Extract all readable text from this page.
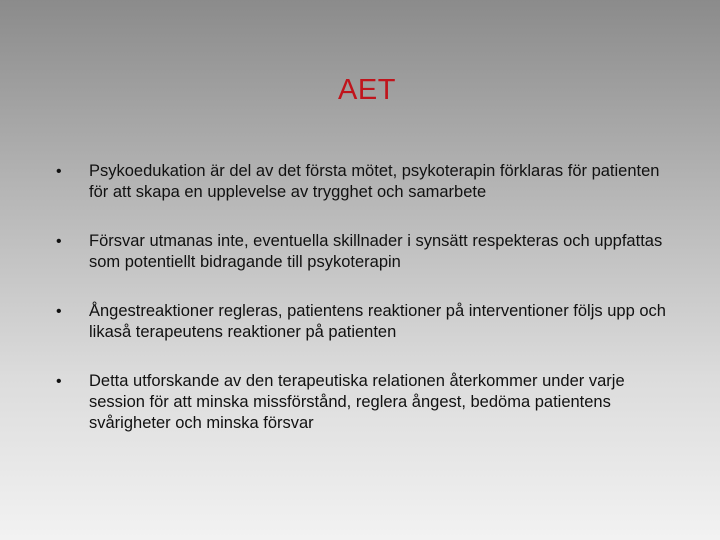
AET
•	Psykoedukation är del av det första mötet, psykoterapin förklaras för patienten för att skapa en upplevelse av trygghet och samarbete
•	Försvar utmanas inte, eventuella skillnader i synsätt respekteras och uppfattas som potentiellt bidragande till psykoterapin
•	Ångestreaktioner regleras, patientens reaktioner på interventioner följs upp och likaså terapeutens reaktioner på patienten
•	Detta utforskande av den terapeutiska relationen återkommer under varje session för att minska missförstånd, reglera ångest, bedöma patientens svårigheter och minska försvar
